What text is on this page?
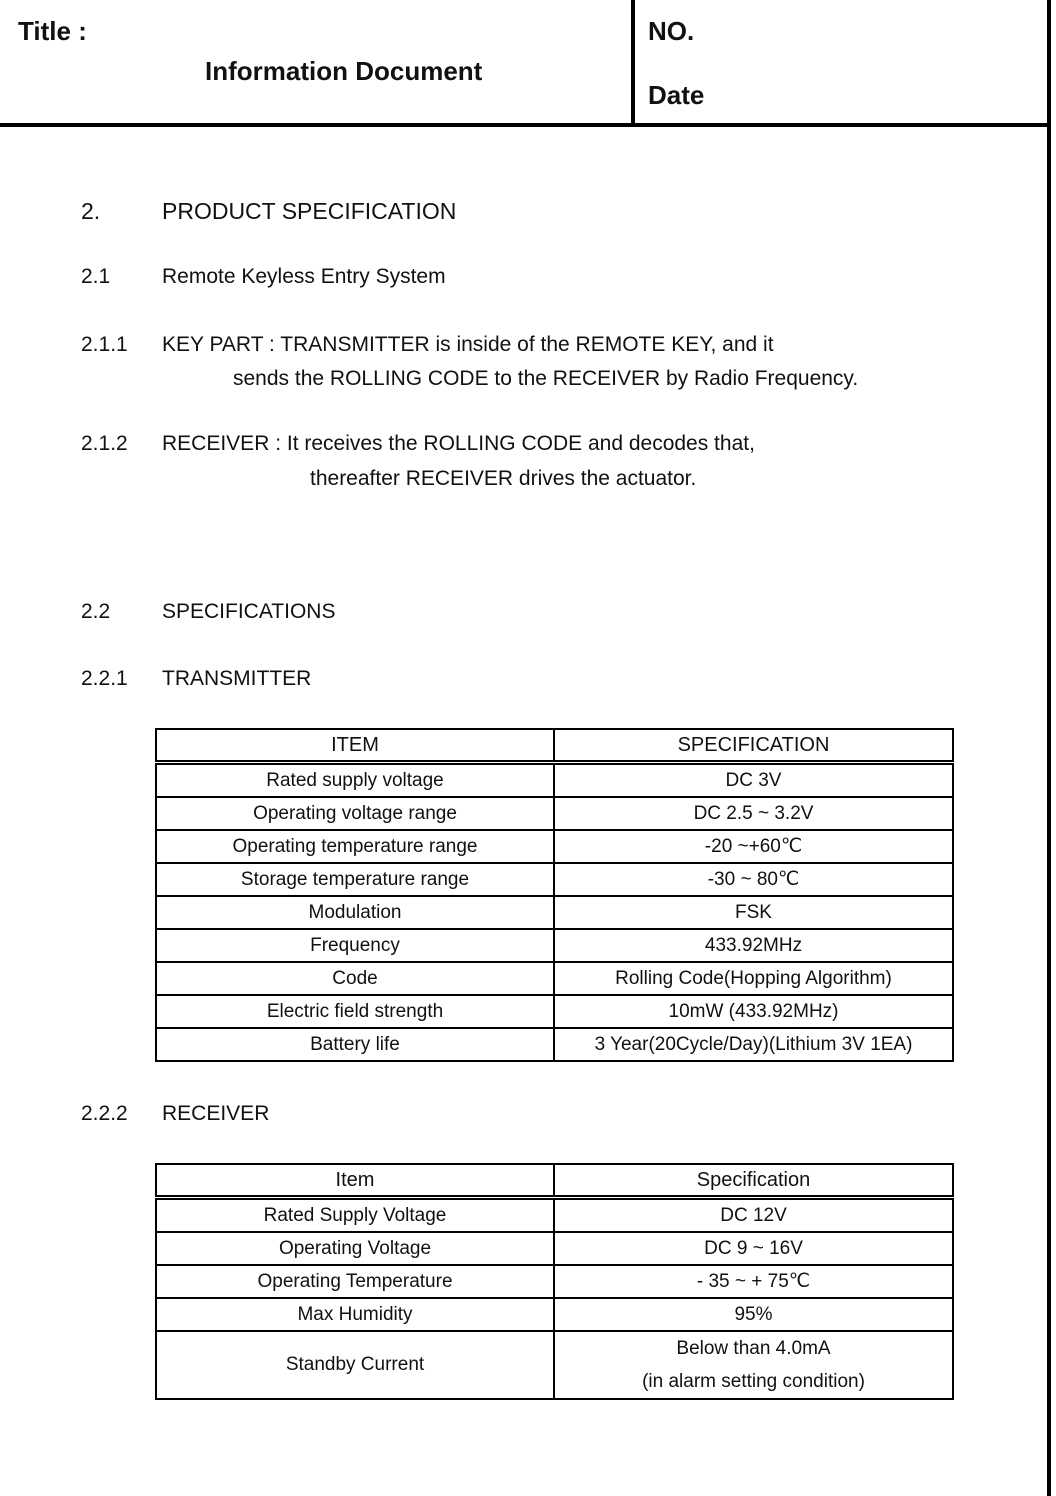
Title :
Information Document
NO.
Date
2.	PRODUCT SPECIFICATION
2.1 Remote Keyless Entry System
2.1.1 KEY PART : TRANSMITTER is inside of the REMOTE KEY, and it
sends the ROLLING CODE to the RECEIVER by Radio Frequency.
2.1.2 RECEIVER : It receives the ROLLING CODE and decodes that,
thereafter RECEIVER drives the actuator.
2.2 SPECIFICATIONS
2.2.1 TRANSMITTER
ITEM	SPECIFICATION
Rated supply voltage	DC 3V
Operating voltage range	DC 2.5 ~ 3.2V
Operating temperature range	-20 ~+60℃
Storage temperature range	-30 ~ 80℃
Modulation	FSK
Frequency	433.92MHz
Code	Rolling Code(Hopping Algorithm)
Electric field strength	10mW (433.92MHz)
Battery life	3 Year(20Cycle/Day)(Lithium 3V 1EA)
2.2.2 RECEIVER
Item	Specification
Rated Supply Voltage	DC 12V
Operating Voltage	DC 9 ~ 16V
Operating Temperature	- 35 ~ + 75℃
Max Humidity	95%
Standby Current	Below than 4.0mA
(in alarm setting condition)
